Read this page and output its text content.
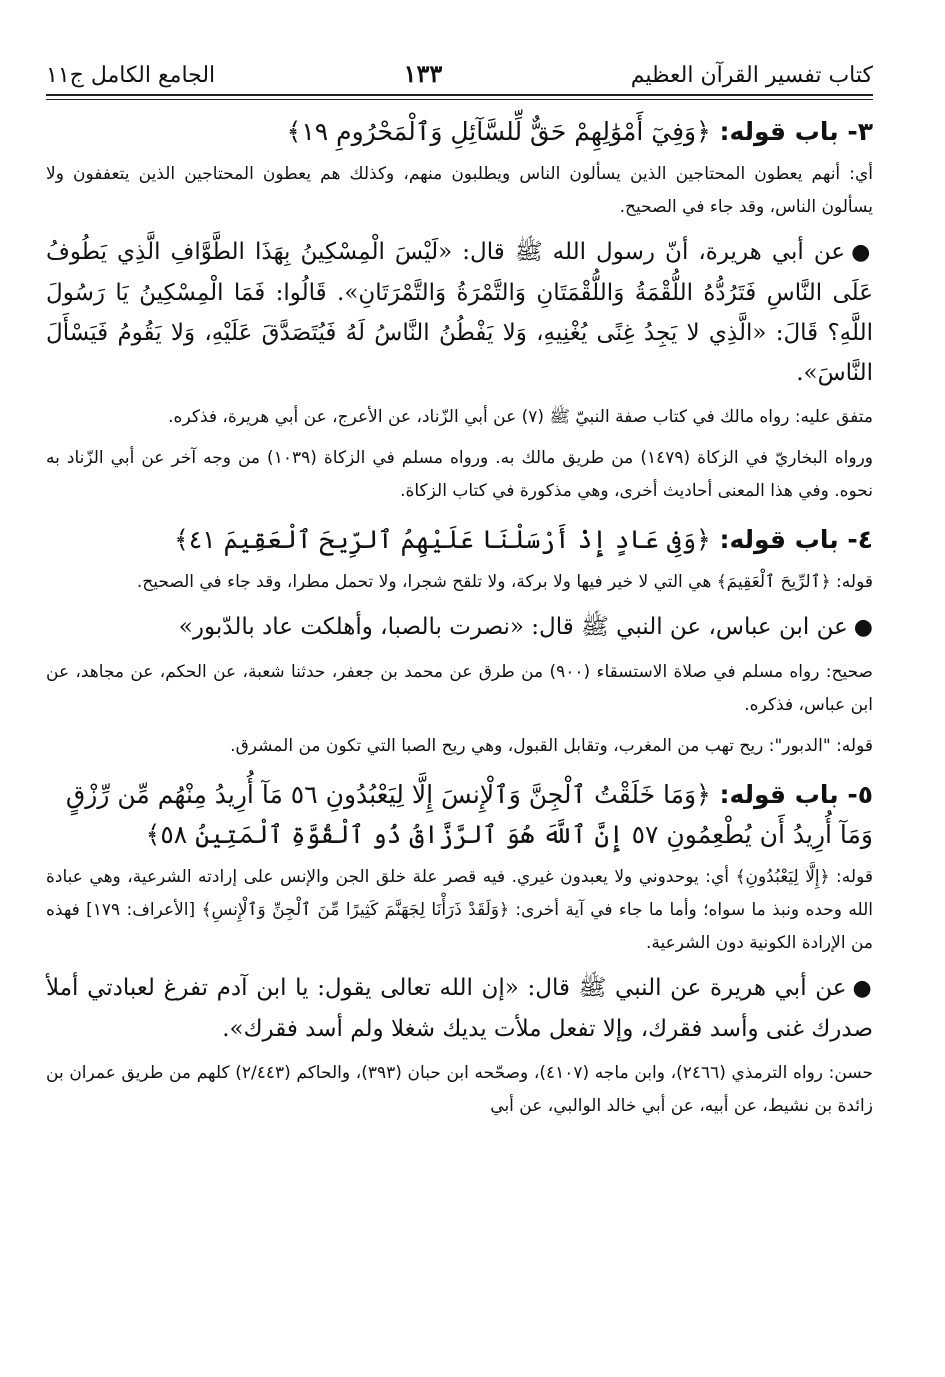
كتاب تفسير القرآن العظيم
١٣٣
الجامع الكامل ج١١
٣- باب قوله: ﴿وَفِيٓ أَمْوَٰلِهِمْ حَقٌّ لِّلسَّآئِلِ وَٱلْمَحْرُومِ ١٩﴾
أي: أنهم يعطون المحتاجين الذين يسألون الناس ويطلبون منهم، وكذلك هم يعطون المحتاجين الذين يتعففون ولا يسألون الناس، وقد جاء في الصحيح.
●عن أبي هريرة، أنّ رسول الله ﷺ قال: «لَيْسَ الْمِسْكِينُ بِهَذَا الطَّوَّافِ الَّذِي يَطُوفُ عَلَى النَّاسِ فَتَرُدُّهُ اللُّقْمَةُ وَاللُّقْمَتَانِ وَالتَّمْرَةُ وَالتَّمْرَتَانِ». قَالُوا: فَمَا الْمِسْكِينُ يَا رَسُولَ اللَّهِ؟ قَالَ: «الَّذِي لا يَجِدُ غِنًى يُغْنِيهِ، وَلا يَفْطُنُ النَّاسُ لَهُ فَيُتَصَدَّقَ عَلَيْهِ، وَلا يَقُومُ فَيَسْأَلَ النَّاسَ».
متفق عليه: رواه مالك في كتاب صفة النبيّ ﷺ (٧) عن أبي الزّناد، عن الأعرج، عن أبي هريرة، فذكره.
ورواه البخاريّ في الزكاة (١٤٧٩) من طريق مالك به. ورواه مسلم في الزكاة (١٠٣٩) من وجه آخر عن أبي الزّناد به نحوه. وفي هذا المعنى أحاديث أخرى، وهي مذكورة في كتاب الزكاة.
٤- باب قوله: ﴿وَفِى عَادٍ إِذْ أَرْسَلْنَا عَلَيْهِمُ ٱلرِّيحَ ٱلْعَقِيمَ ٤١﴾
قوله: ﴿ٱلرِّيحَ ٱلْعَقِيمَ﴾ هي التي لا خير فيها ولا بركة، ولا تلقح شجرا، ولا تحمل مطرا، وقد جاء في الصحيح.
●عن ابن عباس، عن النبي ﷺ قال: «نصرت بالصبا، وأهلكت عاد بالدّبور»
صحيح: رواه مسلم في صلاة الاستسقاء (٩٠٠) من طرق عن محمد بن جعفر، حدثنا شعبة، عن الحكم، عن مجاهد، عن ابن عباس، فذكره.
قوله: "الدبور": ريح تهب من المغرب، وتقابل القبول، وهي ريح الصبا التي تكون من المشرق.
٥- باب قوله: ﴿وَمَا خَلَقْتُ ٱلْجِنَّ وَٱلْإِنسَ إِلَّا لِيَعْبُدُونِ ٥٦ مَآ أُرِيدُ مِنْهُم مِّن رِّزْقٍ وَمَآ أُرِيدُ أَن يُطْعِمُونِ ٥٧ إِنَّ ٱللَّهَ هُوَ ٱلرَّزَّاقُ ذُو ٱلْقُوَّةِ ٱلْمَتِينُ ٥٨﴾
قوله: ﴿إِلَّا لِيَعْبُدُونِ﴾ أي: يوحدوني ولا يعبدون غيري. فيه قصر علة خلق الجن والإنس على إرادته الشرعية، وهي عبادة الله وحده ونبذ ما سواه؛ وأما ما جاء في آية أخرى: ﴿وَلَقَدْ ذَرَأْنَا لِجَهَنَّمَ كَثِيرًا مِّنَ ٱلْجِنِّ وَٱلْإِنسِ﴾ [الأعراف: ١٧٩] فهذه من الإرادة الكونية دون الشرعية.
●عن أبي هريرة عن النبي ﷺ قال: «إن الله تعالى يقول: يا ابن آدم تفرغ لعبادتي أملأ صدرك غنى وأسد فقرك، وإلا تفعل ملأت يديك شغلا ولم أسد فقرك».
حسن: رواه الترمذي (٢٤٦٦)، وابن ماجه (٤١٠٧)، وصحّحه ابن حبان (٣٩٣)، والحاكم (٢/٤٤٣) كلهم من طريق عمران بن زائدة بن نشيط، عن أبيه، عن أبي خالد الوالبي، عن أبي
